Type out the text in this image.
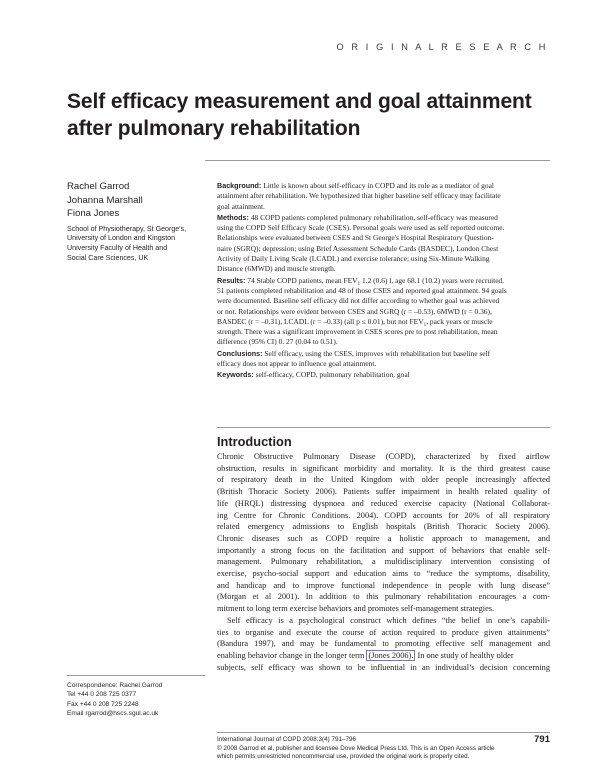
O R I G I N A L R E S E A R C H
Self efficacy measurement and goal attainment
after pulmonary rehabilitation
Rachel Garrod
Johanna Marshall
Fiona Jones
School of Physiotherapy, St George's,
University of London and Kingston
University Faculty of Health and
Social Care Sciences, UK
Background: Little is known about self-efficacy in COPD and its role as a mediator of goal
attainment after rehabilitation. We hypothesized that higher baseline self efficacy may facilitate
goal attainment.
Methods: 48 COPD patients completed pulmonary rehabilitation, self-efficacy was measured
using the COPD Self Efficacy Scale (CSES). Personal goals were used as self reported outcome.
Relationships were evaluated between CSES and St George's Hospital Respiratory Question-
naire (SGRQ); depression; using Brief Assessment Schedule Cards (BASDEC), London Chest
Activity of Daily Living Scale (LCADL) and exercise tolerance; using Six-Minute Walking
Distance (6MWD) and muscle strength.
Results: 74 Stable COPD patients, mean $FEV_1$ 1.2 (0.6) l, age 68.1 (10.2) years were recruited.
51 patients completed rehabilitation and 48 of those CSES and reported goal attainment. 94 goals
were documented. Baseline self efficacy did not differ according to whether goal was achieved
or not. Relationships were evident between CSES and SGRQ (r = –0.53), 6MWD (r = 0.36),
BASDEC (r = –0.31), LCADL (r = –0.33) (all p ≤ 0.01), but not $FEV_1$, pack years or muscle
strength. There was a significant improvement in CSES scores pre to post rehabilitation, mean
difference (95% CI) 0. 27 (0.04 to 0.51).
Conclusions: Self efficacy, using the CSES, improves with rehabilitation but baseline self
efficacy does not appear to influence goal attainment.
Keywords: self-efficacy, COPD, pulmonary rehabilitation, goal
Introduction
Chronic Obstructive Pulmonary Disease (COPD), characterized by fixed airflow
obstruction, results in significant morbidity and mortality. It is the third greatest cause
of respiratory death in the United Kingdom with older people increasingly affected
(British Thoracic Society 2006). Patients suffer impairment in health related quality of
life (HRQL) distressing dyspnoea and reduced exercise capacity (National Collaborat-
ing Centre for Chronic Conditions. 2004). COPD accounts for 20% of all respiratory
related emergency admissions to English hospitals (British Thoracic Society 2006).
Chronic diseases such as COPD require a holistic approach to management, and
importantly a strong focus on the facilitation and support of behaviors that enable self-
management. Pulmonary rehabilitation, a multidisciplinary intervention consisting of
exercise, psycho-social support and education aims to “reduce the symptoms, disability,
and handicap and to improve functional independence in people with lung disease”
(Morgan et al 2001). In addition to this pulmonary rehabilitation encourages a com-
mitment to long term exercise behaviors and promotes self-management strategies.
Self efficacy is a psychological construct which defines “the belief in one’s capabili-
ties to organise and execute the course of action required to produce given attainments”
(Bandura 1997), and may be fundamental to promoting effective self management and
enabling behavior change in the longer term (Jones 2006). In one study of healthy older
subjects, self efficacy was shown to be influential in an individual’s decision concerning
Correspondence: Rachel Garrod
Tel +44 0 208 725 0377
Fax +44 0 208 725 2248
Email rgarrod@hscs.sgul.ac.uk
International Journal of COPD 2008:3(4) 791–796
© 2008 Garrod et al, publisher and licensee Dove Medical Press Ltd. This is an Open Access article
which permits unrestricted noncommercial use, provided the original work is properly cited.
791
